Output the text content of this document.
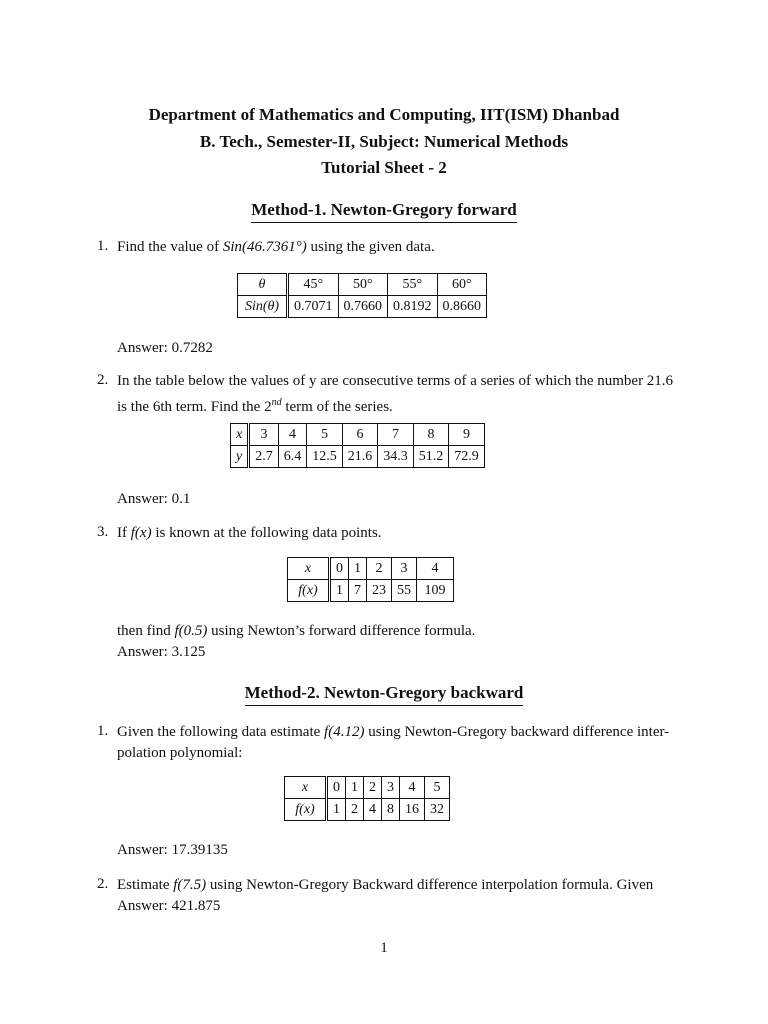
Department of Mathematics and Computing, IIT(ISM) Dhanbad
B. Tech., Semester-II, Subject: Numerical Methods
Tutorial Sheet - 2
Method-1. Newton-Gregory forward
1. Find the value of Sin(46.7361°) using the given data.
θ	45°	50°	55°	60°
Sin(θ)	0.7071	0.7660	0.8192	0.8660
Answer: 0.7282
2. In the table below the values of y are consecutive terms of a series of which the number 21.6
is the 6th term. Find the 2nd term of the series.
x	3	4	5	6	7	8	9
y	2.7	6.4	12.5	21.6	34.3	51.2	72.9
Answer: 0.1
3. If f(x) is known at the following data points.
x	0	1	2	3	4
f(x)	1	7	23	55	109
then find f(0.5) using Newton’s forward difference formula.
Answer: 3.125
Method-2. Newton-Gregory backward
1. Given the following data estimate f(4.12) using Newton-Gregory backward difference inter-
polation polynomial:
x	0	1	2	3	4	5
f(x)	1	2	4	8	16	32
Answer: 17.39135
2. Estimate f(7.5) using Newton-Gregory Backward difference interpolation formula. Given
Answer: 421.875
1
